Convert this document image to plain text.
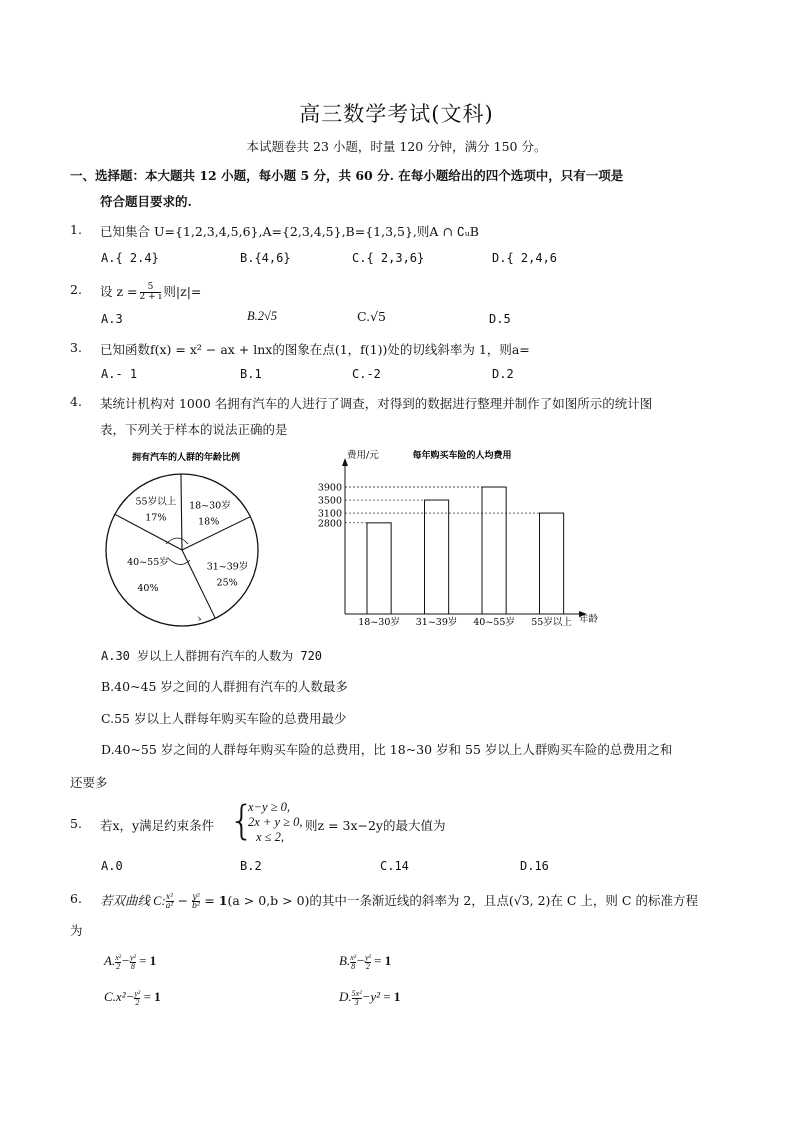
高三数学考试(文科)
本试题卷共 23 小题，时量 120 分钟，满分 150 分。
一、选择题：本大题共 12 小题，每小题 5 分，共 60 分. 在每小题给出的四个选项中，只有一项是
符合题目要求的.
1. 已知集合 U={1,2,3,4,5,6},A={2,3,4,5},B={1,3,5},则A ∩ ∁ᵤB
A.{ 2.4}	B.{4,6}	C.{ 2,3,6}	D.{ 2,4,6
2. 设 $z = \frac{5}{2 + i}$ 则|z|=
A.3	B.2√5	C.√5	D.5
3. 已知函数f(x) = x² − ax + lnx的图象在点(1，f(1))处的切线斜率为 1，则a=
A.- 1	B.1	C.-2	D.2
4. 某统计机构对 1000 名拥有汽车的人进行了调查，对得到的数据进行整理并制作了如图所示的统计图
表，下列关于样本的说法正确的是
拥有汽车的人群的年龄比例
55岁以上
17%
18~30岁
18%
31~39岁
25%
40~55岁
40%
ゝ
每年购买车险的人均费用
费用/元
年龄
18~30岁 31~39岁 40~55岁 55岁以上
2800
3100
3500
3900
A.30 岁以上人群拥有汽车的人数为 720
B.40~45 岁之间的人群拥有汽车的人数最多
C.55 岁以上人群每年购买车险的总费用最少
D.40~55 岁之间的人群每年购买车险的总费用，比 18~30 岁和 55 岁以上人群购买车险的总费用之和
还要多
5. 若x，y满足约束条件 {
x−y ≥ 0,
2x + y ≥ 0,
x ≤ 2,
则z = 3x−2y的最大值为
A.0	B.2	C.14	D.16
6. 若双曲线 C: $\frac{\text{x²}}{\text{a²}} - \frac{\text{y²}}{\text{b²}} = 1(a > 0,b > 0)$的其中一条渐近线的斜率为 2，且点(√3, 2)在 C 上，则 C 的标准方程
为
A. $\frac{\text{x²}}{2} - \frac{\text{y²}}{8} = 1$	B. $\frac{\text{x²}}{8} - \frac{\text{y²}}{2} = 1$
$C.x^2- \frac{\text{y²}}{2} = 1$	D. $\frac{\text{5x²}}{3} -y^2 = 1$
